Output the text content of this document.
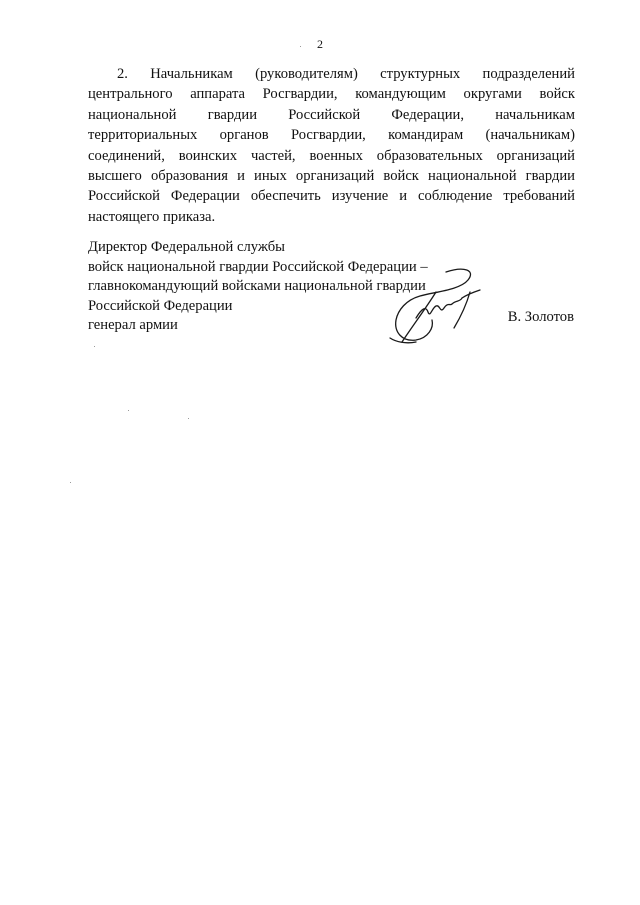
2

2. Начальникам (руководителям) структурных подразделений центрального аппарата Росгвардии, командующим округами войск национальной гвардии Российской Федерации, начальникам территориальных органов Росгвардии, командирам (начальникам) соединений, воинских частей, военных образовательных организаций высшего образования и иных организаций войск национальной гвардии Российской Федерации обеспечить изучение и соблюдение требований настоящего приказа.

Директор Федеральной службы
войск национальной гвардии Российской Федерации –
главнокомандующий войсками национальной гвардии
Российской Федерации
генерал армии
В. Золотов
